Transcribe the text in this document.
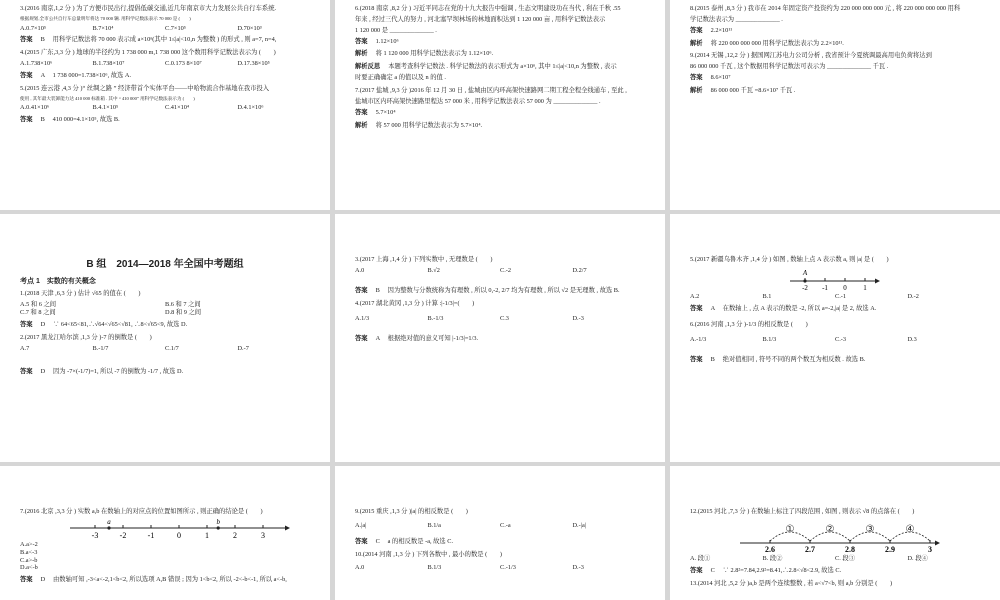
3.(2016 南京,1,2 分 ) 为了方便市民出行,提倡低碳交通,近几年南京市大力发展公共自行车系统.
根据规划,全市公共自行车总量明年将达 70 000 辆. 用科学记数法表示 70 000 是 (　　)
A.0.7×10⁵	B.7×10⁴	C.7×10⁵	D.70×10³
答案 B　 用科学记数法将 70 000 表示成 a×10ⁿ(其中 1≤|a|<10,n 为整数 ) 的形式 , 则 a=7, n=4,
4.(2015 广东,3,3 分 ) 地球的半径约为 1 738 000 m,1 738 000 这个数用科学记数法表示为 (　　)
A.1.738×10⁶	B.1.738×10⁷	C.0.173 8×10⁷	D.17.38×10⁵
答案 A　 1 738 000=1.738×10⁶, 故选 A.
5.(2015 连云港 ,4,3 分 )“ 丝绸之路 ” 经济带首个实体平台——中哈物流合作基地在我市投入
使用 , 其年最大装卸能力达 410 000 标准箱 . 其中 “ 410 000” 用科学记数法表示为 (　　)
A.0.41×10⁶	B.4.1×10⁵	C.41×10⁴	D.4.1×10⁶
答案 B　 410 000=4.1×10⁵, 故选 B.
6.(2018 南京 ,8,2 分 ) 习近平同志在党的十九大报告中强调 , 生态文明建设功在当代 , 利在千秋 .55
年来 , 经过三代人的努力 , 河北塞罕坝林场的林地面积达到 1 120 000 亩 , 用科学记数法表示
1 120 000 是 ______________ .
答案 1.12×10⁶
解析 将 1 120 000 用科学记数法表示为 1.12×10⁶.
解析反思 本题考查科学记数法 . 科学记数法的表示形式为 a×10ⁿ, 其中 1≤|a|<10,n 为整数 , 表示
时要正确确定 a 的值以及 n 的值 .
7.(2017 盐城 ,9,3 分 )2016 年 12 月 30 日 , 盐城由区内环高架快速路网二期工程全程全线通车 , 至此 ,
盐城市区内环高架快速路里程达 57 000 米 , 用科学记数法表示 57 000 为 ______________ .
答案 5.7×10⁴
解析 将 57 000 用科学记数法表示为 5.7×10⁴.
8.(2015 泰州 ,8,3 分 ) 我市在 2014 年固定资产投资约为 220 000 000 000 元 , 将 220 000 000 000 用科
学记数法表示为 ______________ .
答案 2.2×10¹¹
解析 将 220 000 000 000 用科学记数法表示为 2.2×10¹¹.
9.(2014 无锡 ,12,2 分 ) 据国网江苏电力公司分析 , 我省预计今夏统调最高用电负荷将达到
86 000 000 千瓦 , 这个数据用科学记数法可表示为 ______________ 千瓦 .
答案 8.6×10⁷
解析 86 000 000 千瓦 =8.6×10⁷ 千瓦 .
B 组　2014—2018 年全国中考题组
考点 1　实数的有关概念
1.(2018 天津 ,6,3 分 ) 估计 √65 的值在 (　　)
A.5 和 6 之间	B.6 和 7 之间
C.7 和 8 之间	D.8 和 9 之间
答案 D　 ∵ 64<65<81,∴√64<√65<√81, ∴8<√65<9, 故选 D.
2.(2017 黑龙江哈尔滨 ,1,3 分 )-7 的倒数是 (　　)
A.7	B.-1/7	C.1/7	D.-7
答案 D　 因为 -7×(-1/7)=1, 所以 -7 的倒数为 -1/7 , 故选 D.
3.(2017 上海 ,1,4 分 ) 下列实数中 , 无理数是 (　　)
A.0	B.√2	C.-2	D.2/7
答案 B　 因为整数与分数统称为有理数 , 所以 0,-2, 2/7 均为有理数 , 所以 √2 是无理数 , 故选 B.
4.(2017 湖北黄冈 ,1,3 分 ) 计算 :|-1/3|=(　　)
A.1/3	B.-1/3	C.3	D.-3
答案 A　 根据绝对值的意义可知 |-1/3|=1/3.
5.(2017 新疆乌鲁木齐 ,1,4 分 ) 如图 , 数轴上点 A 表示数 a, 则 |a| 是 (　　)
-2 -1 0 1
A
A.2	B.1	C.-1	D.-2
答案 A　 在数轴上 , 点 A 表示的数是 -2, 所以 a=-2,|a| 是 2, 故选 A.
6.(2016 河南 ,1,3 分 )-1/3 的相反数是 (　　)
A.-1/3	B.1/3	C.-3	D.3
答案 B　 绝对值相同 , 符号不同的两个数互为相反数 . 故选 B.
7.(2016 北京 ,3,3 分 ) 实数 a,b 在数轴上的对应点的位置如图所示 , 则正确的结论是 (　　)
-3	-2	-1	0	1	2	3
a	b
A.a>-2
B.a<-3
C.a>-b
D.a<-b
答案 D　 由数轴可知 ,-3<a<-2,1<b<2, 所以选项 A,B 错误 ; 因为 1<b<2, 所以 -2<-b<-1, 所以 a<-b,
9.(2015 重庆 ,1,3 分 )|a| 的相反数是 (　　)
A.|a|	B.1/a	C.-a	D.-|a|
答案 C　 a 的相反数是 -a, 故选 C.
10.(2014 河南 ,1,3 分 ) 下列各数中 , 最小的数是 (　　)
A.0	B.1/3	C.-1/3	D.-3
12.(2015 河北 ,7,3 分 ) 在数轴上标注了四段范围 , 如图 , 则表示 √8 的点落在 (　　)
2.6	2.7	2.8	2.9	3
①	②	③	④
A. 段①	B. 段②	C. 段③	D. 段④
答案 C　 ∵ 2.8²=7.84,2.9²=8.41,∴2.8<√8<2.9, 故选 C.
13.(2014 河北 ,5,2 分 )a,b 是两个连续整数 , 若 a<√7<b, 则 a,b 分别是 (　　)
